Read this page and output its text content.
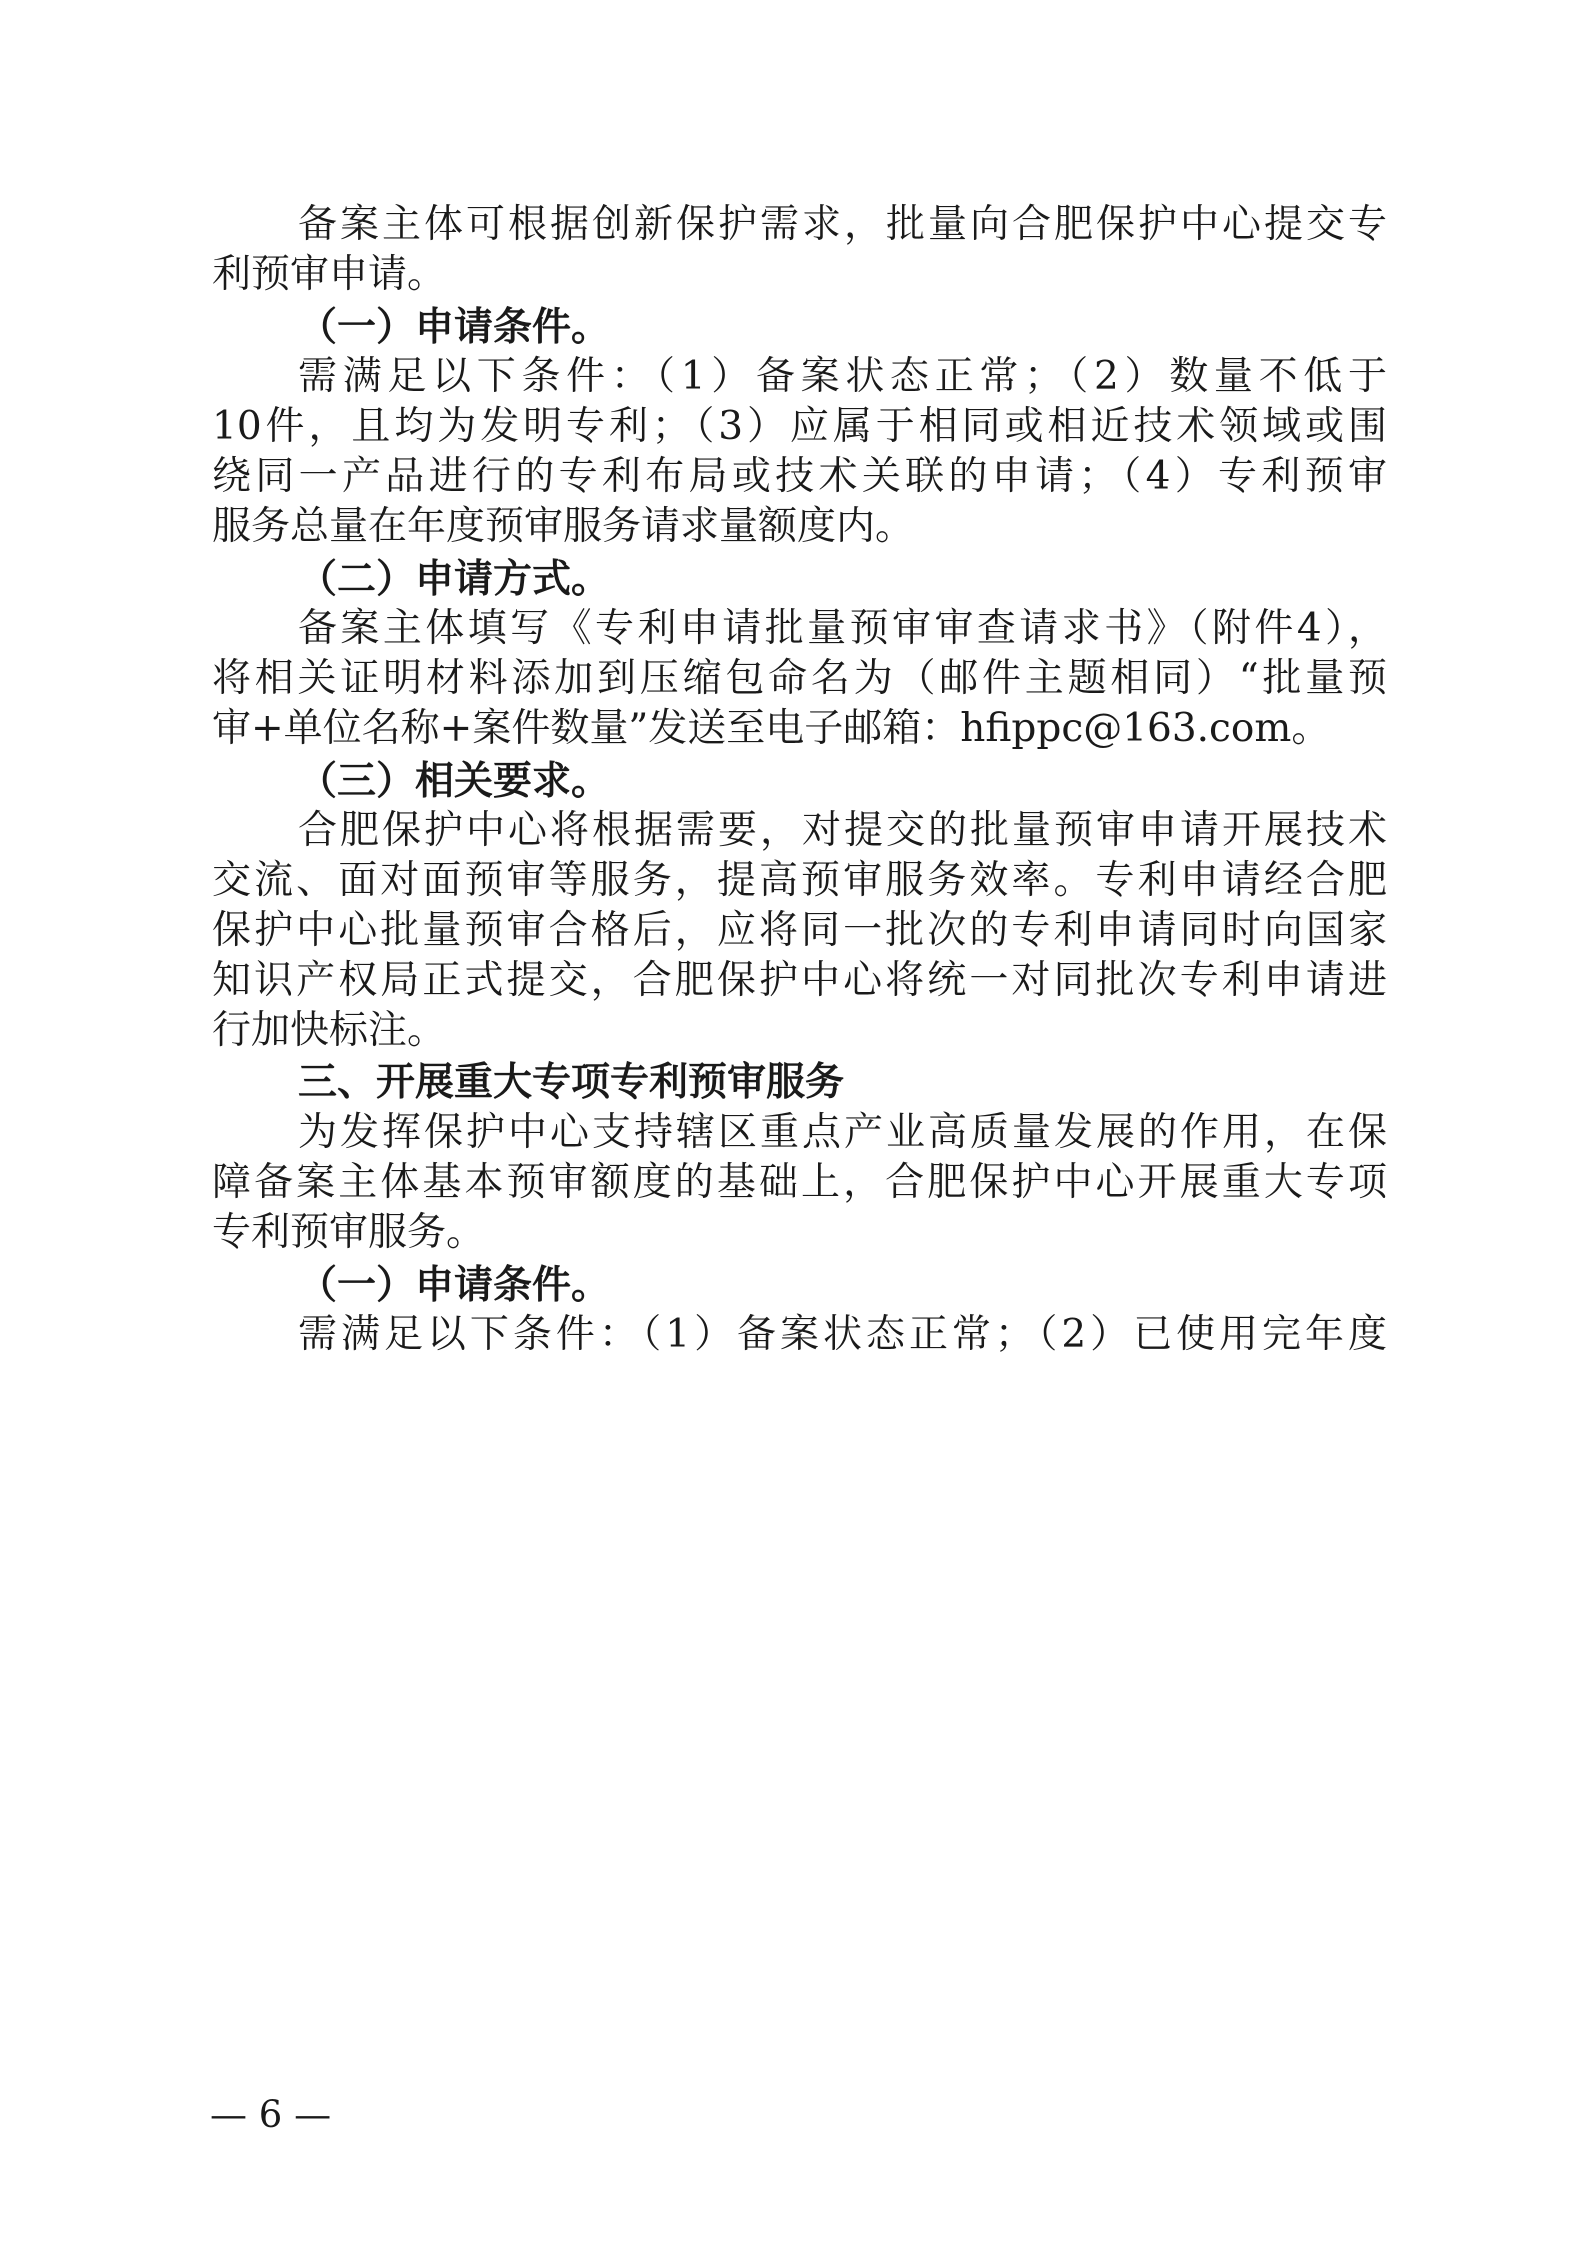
备案主体可根据创新保护需求，批量向合肥保护中心提交专
利预审申请。
（一）申请条件。
需满足以下条件：（1）备案状态正常；（2）数量不低于
10件，且均为发明专利；（3）应属于相同或相近技术领域或围
绕同一产品进行的专利布局或技术关联的申请；（4）专利预审
服务总量在年度预审服务请求量额度内。
（二）申请方式。
备案主体填写《专利申请批量预审审查请求书》（附件4），
将相关证明材料添加到压缩包命名为（邮件主题相同）“批量预
审+单位名称+案件数量”发送至电子邮箱：hfippc@163.com。
（三）相关要求。
合肥保护中心将根据需要，对提交的批量预审申请开展技术
交流、面对面预审等服务，提高预审服务效率。专利申请经合肥
保护中心批量预审合格后，应将同一批次的专利申请同时向国家
知识产权局正式提交，合肥保护中心将统一对同批次专利申请进
行加快标注。
三、开展重大专项专利预审服务
为发挥保护中心支持辖区重点产业高质量发展的作用，在保
障备案主体基本预审额度的基础上，合肥保护中心开展重大专项
专利预审服务。
（一）申请条件。
需满足以下条件：（1）备案状态正常；（2）已使用完年度
— 6 —
